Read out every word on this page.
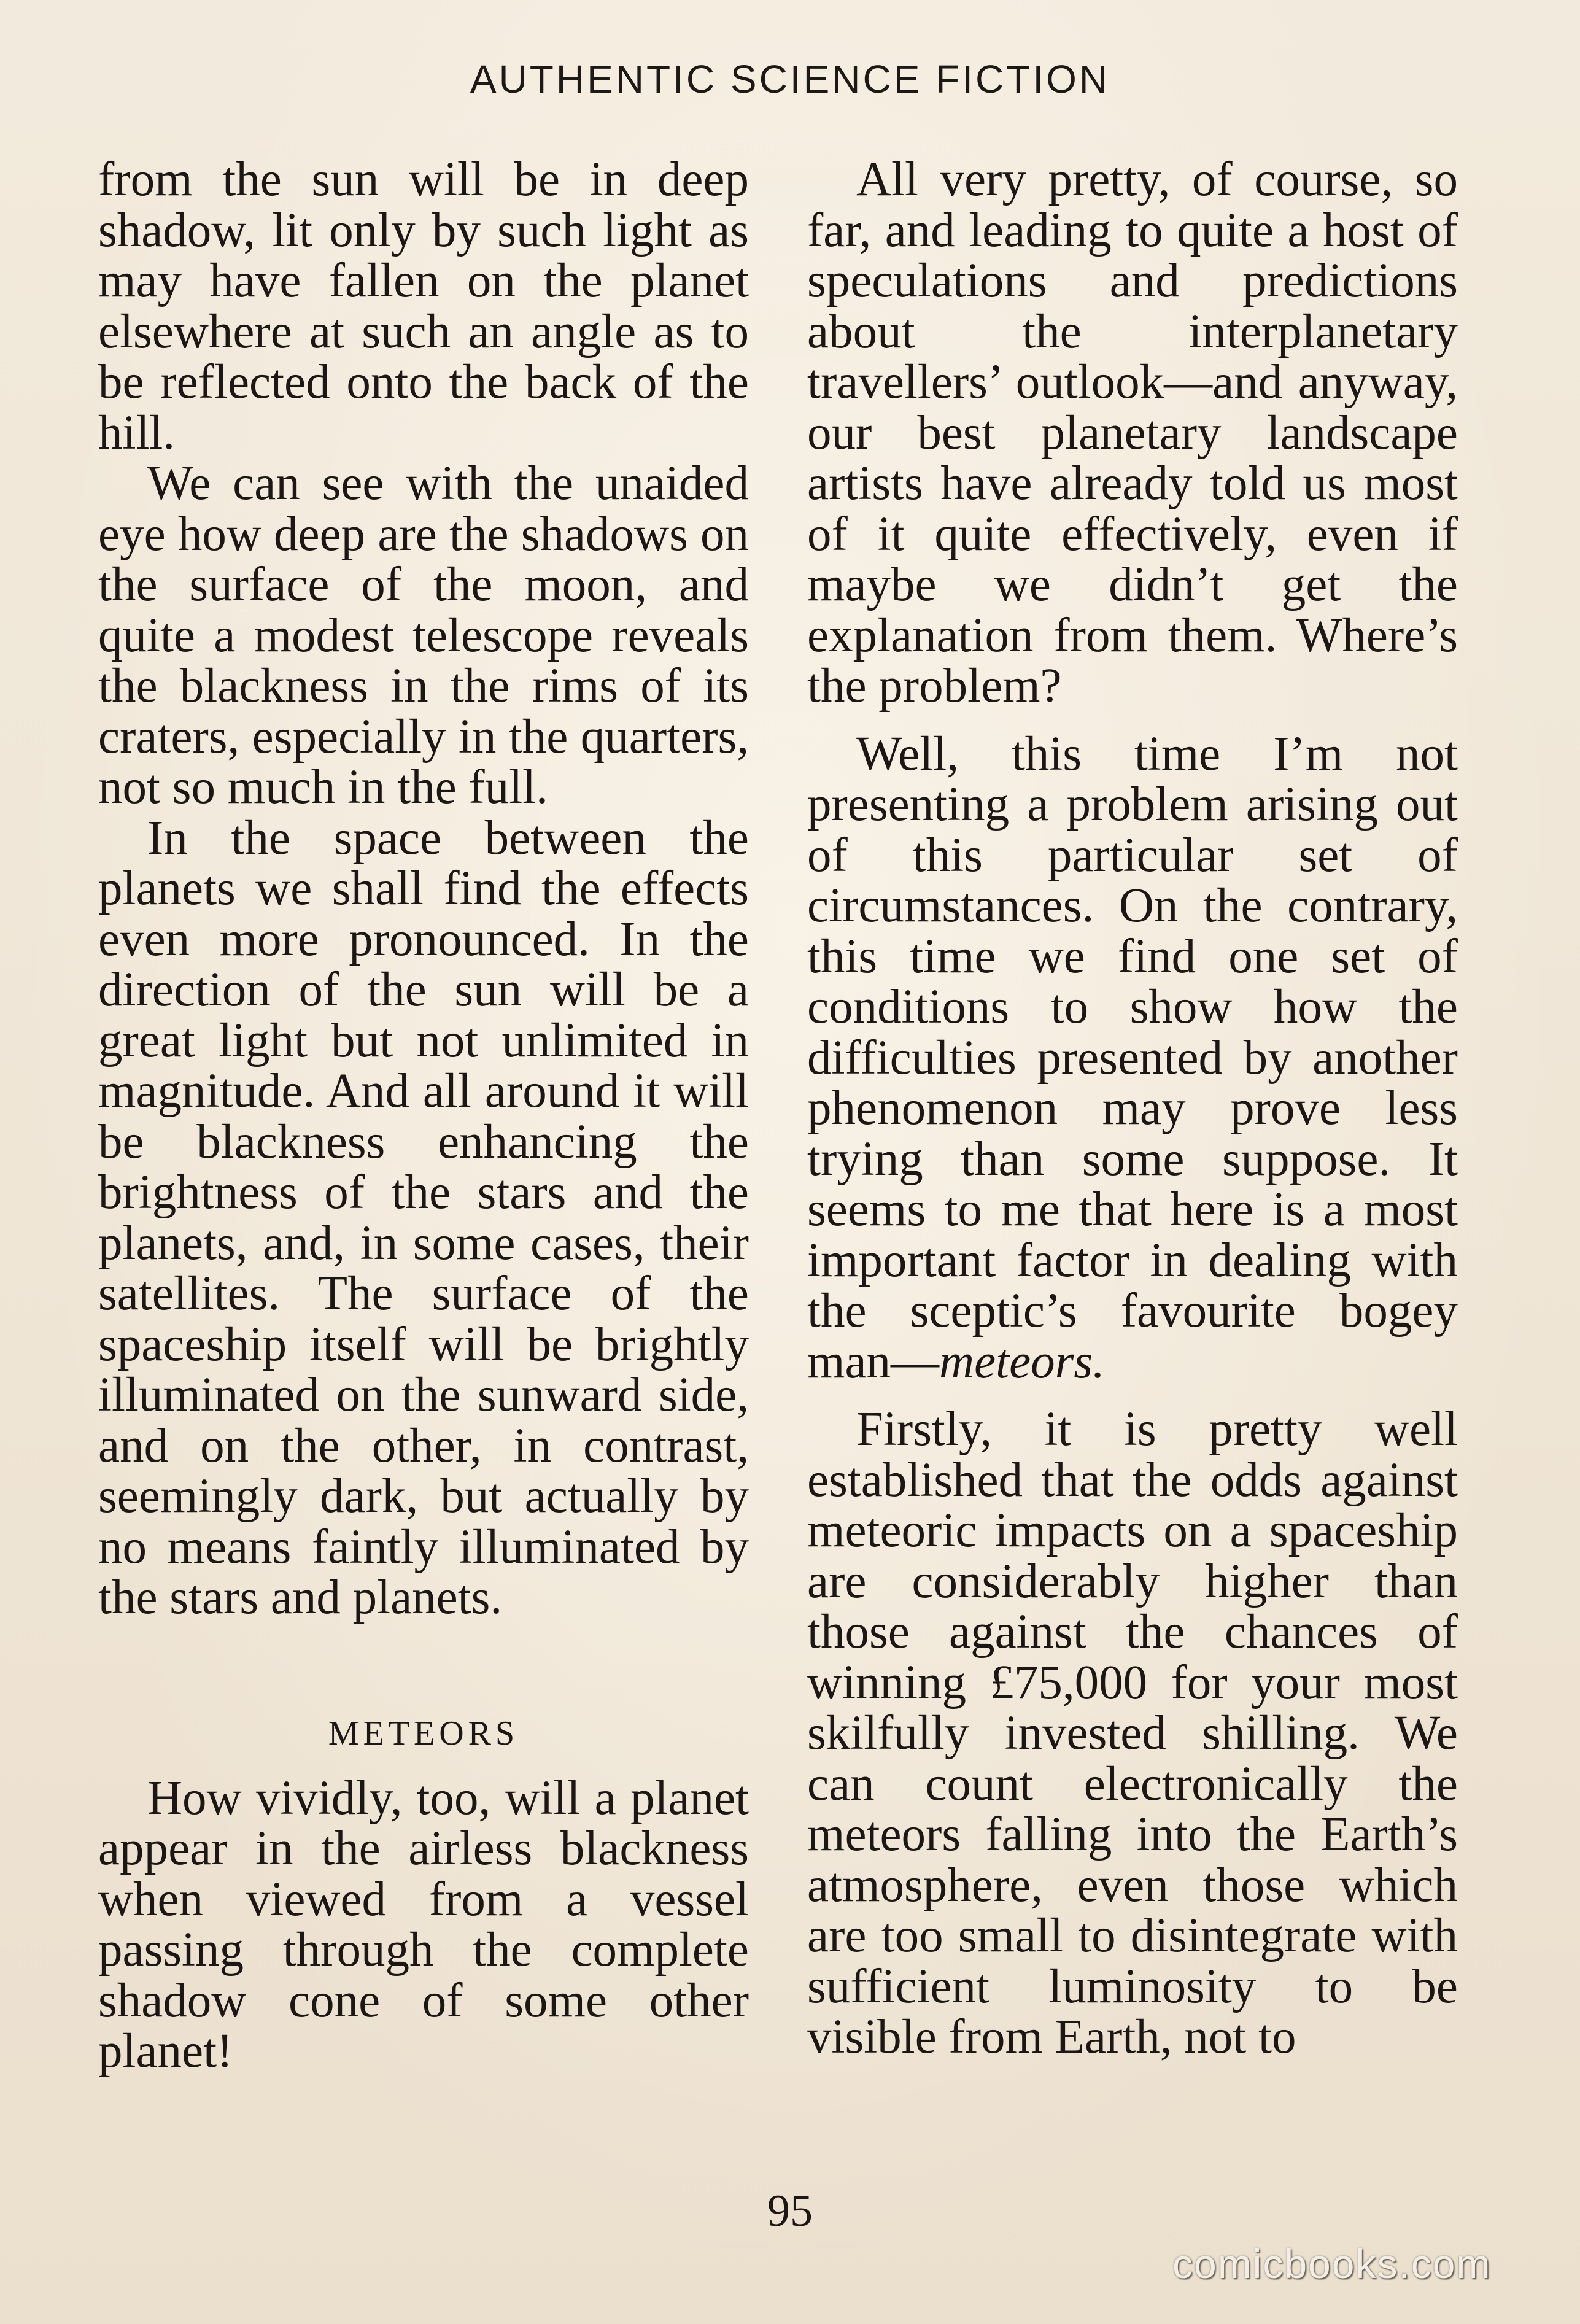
AUTHENTIC SCIENCE FICTION

from the sun will be in deep shadow, lit only by such light as may have fallen on the planet elsewhere at such an angle as to be reflected onto the back of the hill.

We can see with the unaided eye how deep are the shadows on the surface of the moon, and quite a modest telescope reveals the blackness in the rims of its craters, especially in the quarters, not so much in the full.

In the space between the planets we shall find the effects even more pronounced. In the direction of the sun will be a great light but not unlimited in magnitude. And all around it will be blackness enhancing the brightness of the stars and the planets, and, in some cases, their satellites. The surface of the spaceship itself will be brightly illuminated on the sunward side, and on the other, in contrast, seemingly dark, but actually by no means faintly illuminated by the stars and planets.

METEORS

How vividly, too, will a planet appear in the airless blackness when viewed from a vessel passing through the complete shadow cone of some other planet!

All very pretty, of course, so far, and leading to quite a host of speculations and predictions about the interplanetary travellers’ outlook—and anyway, our best planetary landscape artists have already told us most of it quite effectively, even if maybe we didn’t get the explanation from them. Where’s the problem?

Well, this time I’m not presenting a problem arising out of this particular set of circumstances. On the contrary, this time we find one set of conditions to show how the difficulties presented by another phenomenon may prove less trying than some suppose. It seems to me that here is a most important factor in dealing with the sceptic’s favourite bogey man—meteors.

Firstly, it is pretty well established that the odds against meteoric impacts on a spaceship are considerably higher than those against the chances of winning £75,000 for your most skilfully invested shilling. We can count electronically the meteors falling into the Earth’s atmosphere, even those which are too small to disintegrate with sufficient luminosity to be visible from Earth, not to

95
comicbooks.com
